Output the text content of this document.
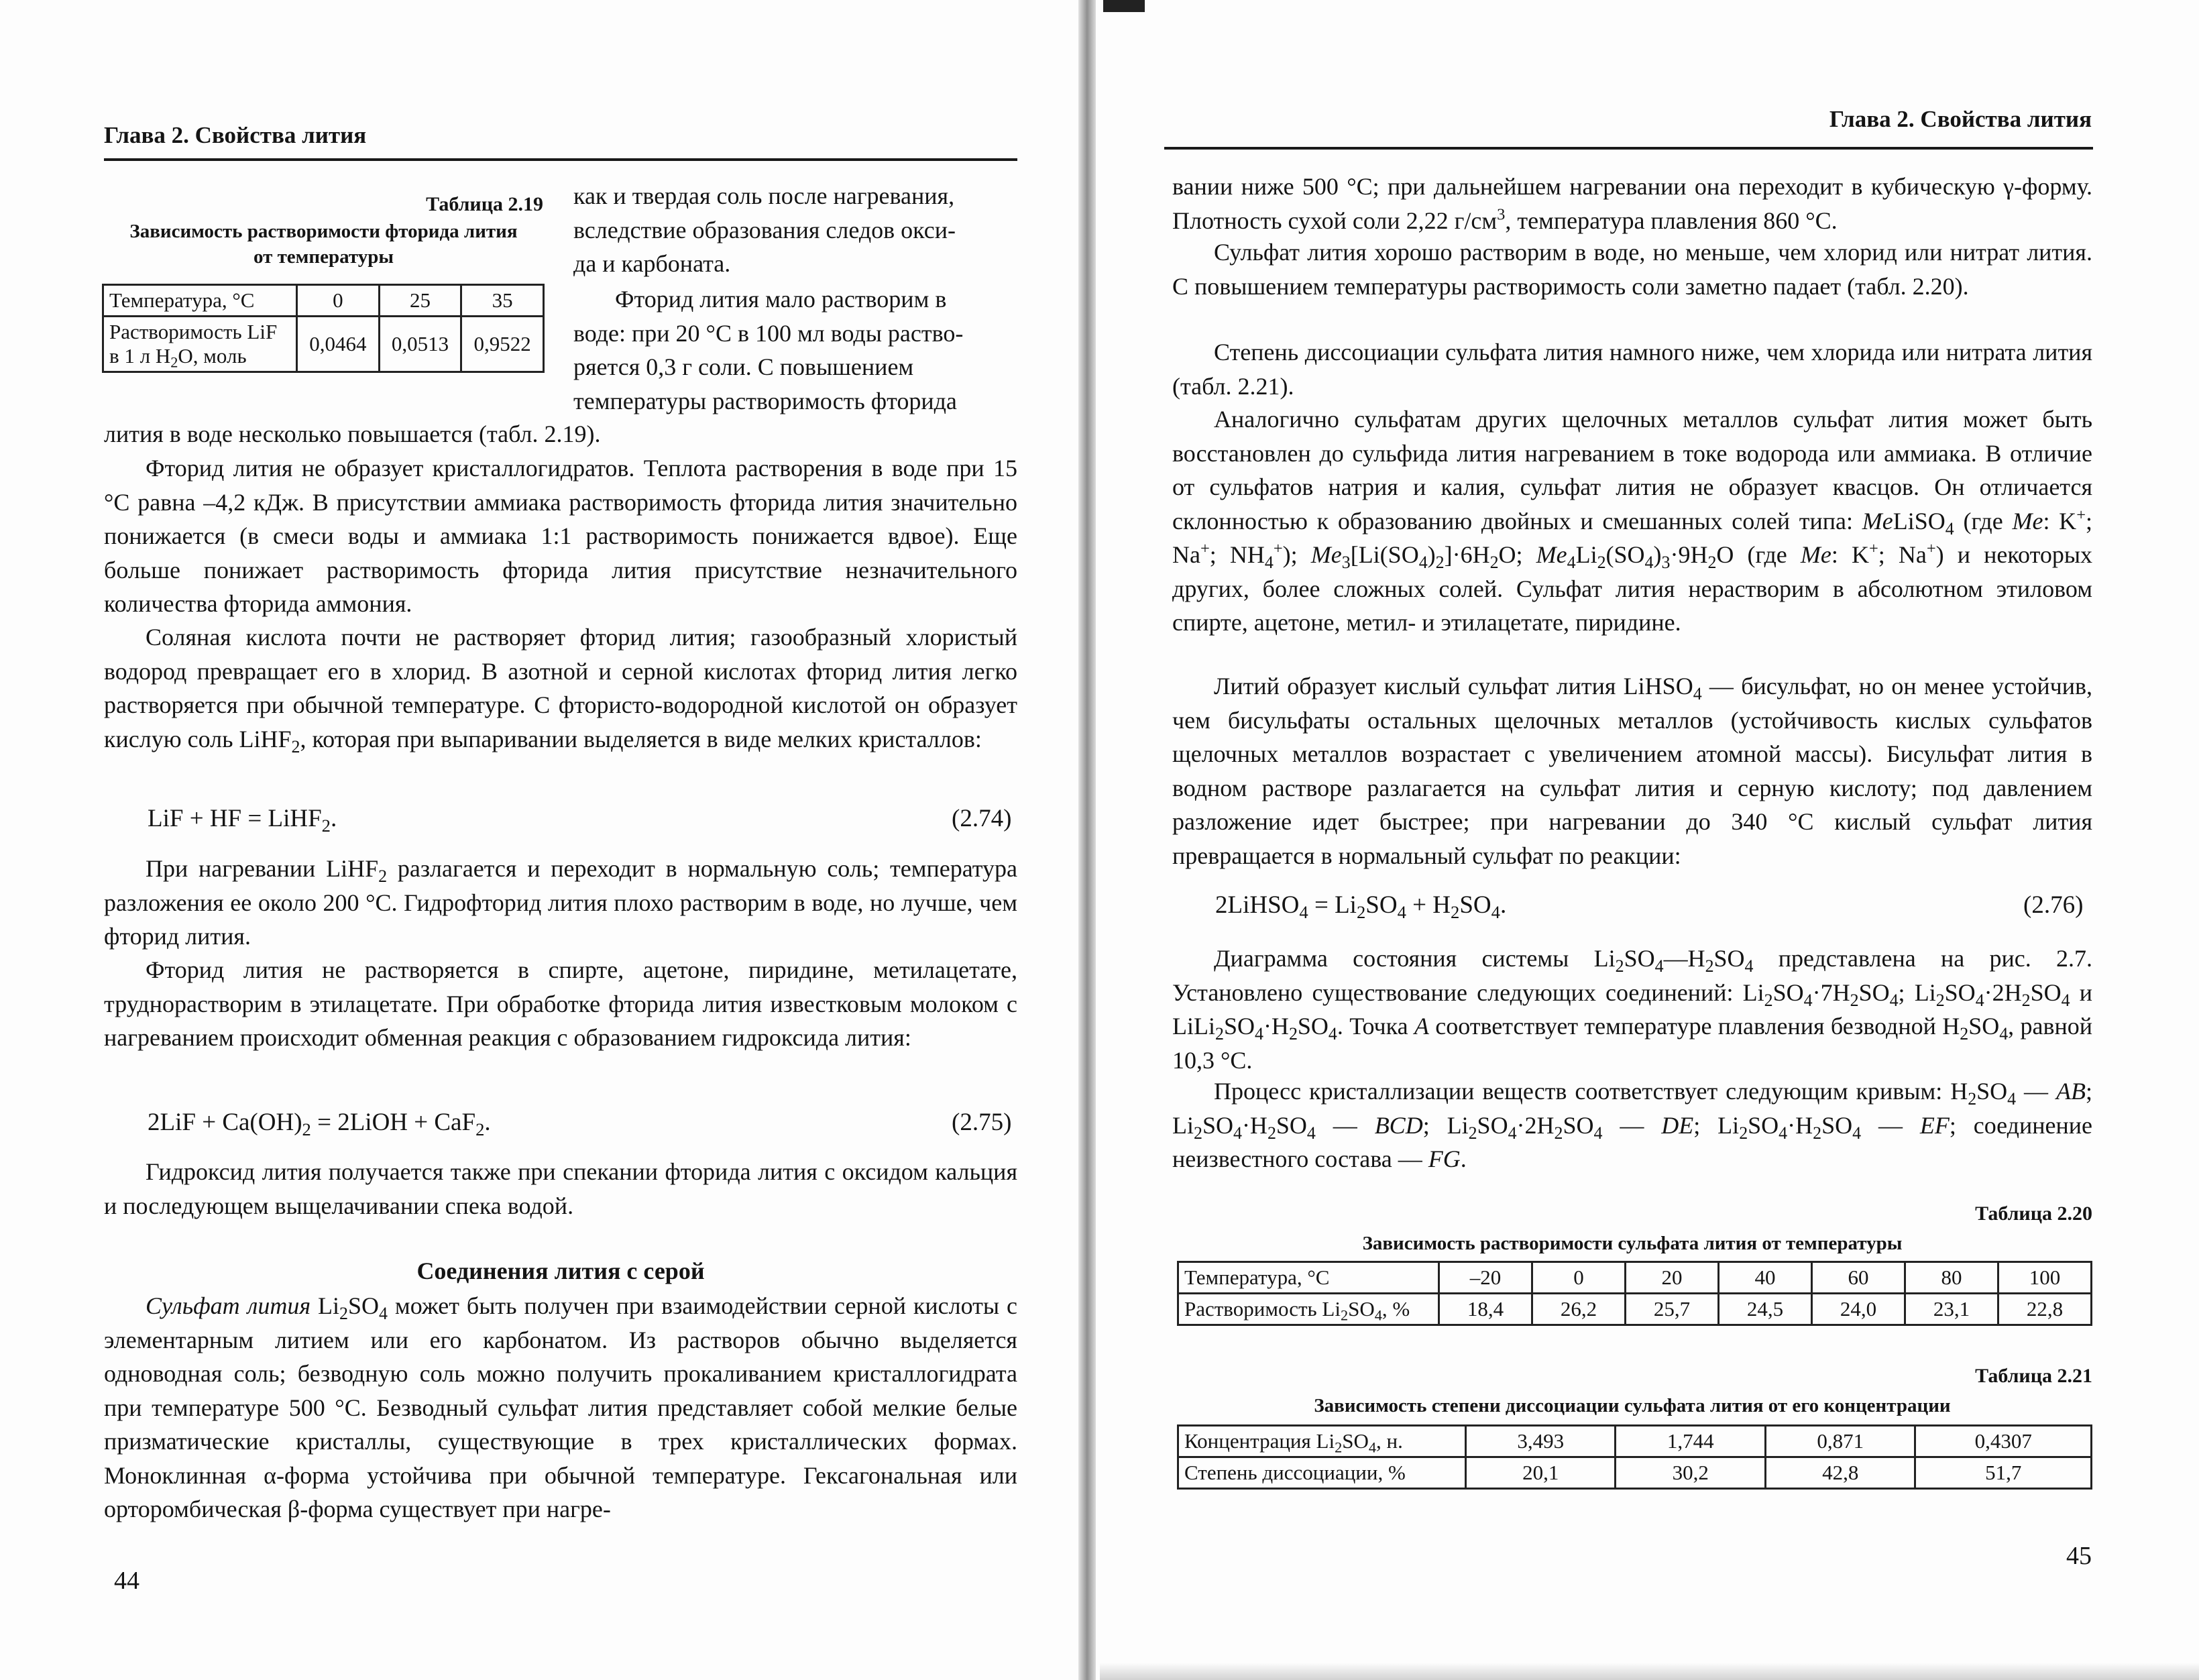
Глава 2. Свойства лития
Таблица 2.19
Зависимость растворимости фторида лития
от температуры
Температура, °C	0	25	35
Растворимость LiF
в 1 л $H_2O$, моль	0,0464	0,0513	0,9522

как и твердая соль после нагревания,
вследствие образования следов окси-
да и карбоната.

Фторид лития мало растворим в
воде: при 20 °C в 100 мл воды раство-
ряется 0,3 г соли. С повышением
температуры растворимость фторида

лития в воде несколько повышается (табл. 2.19).

Фторид лития не образует кристаллогидратов. Теплота растворения в воде при 15 °C равна –4,2 кДж. В присутствии аммиака растворимость фторида лития значительно понижается (в смеси воды и аммиака 1:1 растворимость понижается вдвое). Еще больше понижает растворимость фторида лития присутствие незначительного количества фторида аммония.

Соляная кислота почти не растворяет фторид лития; газообразный хлористый водород превращает его в хлорид. В азотной и серной кислотах фторид лития легко растворяется при обычной температуре. С фтористо-водородной кислотой он образует кислую соль LiHF$_2$, которая при выпаривании выделяется в виде мелких кристаллов:

LiF + HF = LiHF$_2$.	(2.74)

При нагревании LiHF$_2$ разлагается и переходит в нормальную соль; температура разложения ее около 200 °C. Гидрофторид лития плохо растворим в воде, но лучше, чем фторид лития.

Фторид лития не растворяется в спирте, ацетоне, пиридине, метилацетате, труднорастворим в этилацетате. При обработке фторида лития известковым молоком с нагреванием происходит обменная реакция с образованием гидроксида лития:

$2LiF + Ca(OH)_2$ = 2LiOH + CaF$_2$.	(2.75)

Гидроксид лития получается также при спекании фторида лития с оксидом кальция и последующем выщелачивании спека водой.

Соединения лития с серой

Сульфат лития $Li_2SO_4$ может быть получен при взаимодействии серной кислоты с элементарным литием или его карбонатом. Из растворов обычно выделяется одноводная соль; безводную соль можно получить прокаливанием кристаллогидрата при температуре 500 °C. Безводный сульфат лития представляет собой мелкие белые призматические кристаллы, существующие в трех кристаллических формах. Моноклинная α-форма устойчива при обычной температуре. Гексагональная или орторомбическая β-форма существует при нагре-

44
Глава 2. Свойства лития

вании ниже 500 °C; при дальнейшем нагревании она переходит в кубическую γ-форму. Плотность сухой соли 2,22 $г/см^3$, температура плавления 860 °C.

Сульфат лития хорошо растворим в воде, но меньше, чем хлорид или нитрат лития. С повышением температуры растворимость соли заметно падает (табл. 2.20).

Степень диссоциации сульфата лития намного ниже, чем хлорида или нитрата лития (табл. 2.21).

Аналогично сульфатам других щелочных металлов сульфат лития может быть восстановлен до сульфида лития нагреванием в токе водорода или аммиака. В отличие от сульфатов натрия и калия, сульфат лития не образует квасцов. Он отличается склонностью к образованию двойных и смешанных солей типа: MeLiSO$_4$ (где Me: K+; Na+; $NH_4^+$); $Me_3[Li(SO_4)_2]\cdot 6H_2O$; $Me_4Li_2(SO_4)_3\cdot 9H_2O$ (где Me: K+; Na+) и некоторых других, более сложных солей. Сульфат лития нерастворим в абсолютном этиловом спирте, ацетоне, метил- и этилацетате, пиридине.

Литий образует кислый сульфат лития LiHSO$_4$ — бисульфат, но он менее устойчив, чем бисульфаты остальных щелочных металлов (устойчивость кислых сульфатов щелочных металлов возрастает с увеличением атомной массы). Бисульфат лития в водном растворе разлагается на сульфат лития и серную кислоту; под давлением разложение идет быстрее; при нагревании до 340 °C кислый сульфат лития превращается в нормальный сульфат по реакции:

2LiHSO$_4$ = $Li_2SO_4 + H_2SO_4$.	(2.76)

Диаграмма состояния системы $Li_2SO_4—H_2SO_4$ представлена на рис. 2.7. Установлено существование следующих соединений: $Li_2SO_4\cdot 7H_2SO_4$; $Li_2SO_4\cdot 2H_2SO_4$ и $LiLi_2SO_4\cdot H_2SO_4$. Точка A соответствует температуре плавления безводной $H_2SO_4$, равной 10,3 °C.

Процесс кристаллизации веществ соответствует следующим кривым: $H_2SO_4$ — AB; $Li_2SO_4\cdot H_2SO_4$ — BCD; $Li_2SO_4\cdot 2H_2SO_4$ — DE; $Li_2SO_4\cdot H_2SO_4$ — EF; соединение неизвестного состава — FG.

Таблица 2.20
Зависимость растворимости сульфата лития от температуры
Температура, °C	–20	0	20	40	60	80	100
Растворимость $Li_2SO_4$, %	18,4	26,2	25,7	24,5	24,0	23,1	22,8
Таблица 2.21
Зависимость степени диссоциации сульфата лития от его концентрации
Концентрация $Li_2SO_4$, н.	3,493	1,744	0,871	0,4307
Степень диссоциации, %	20,1	30,2	42,8	51,7
45
